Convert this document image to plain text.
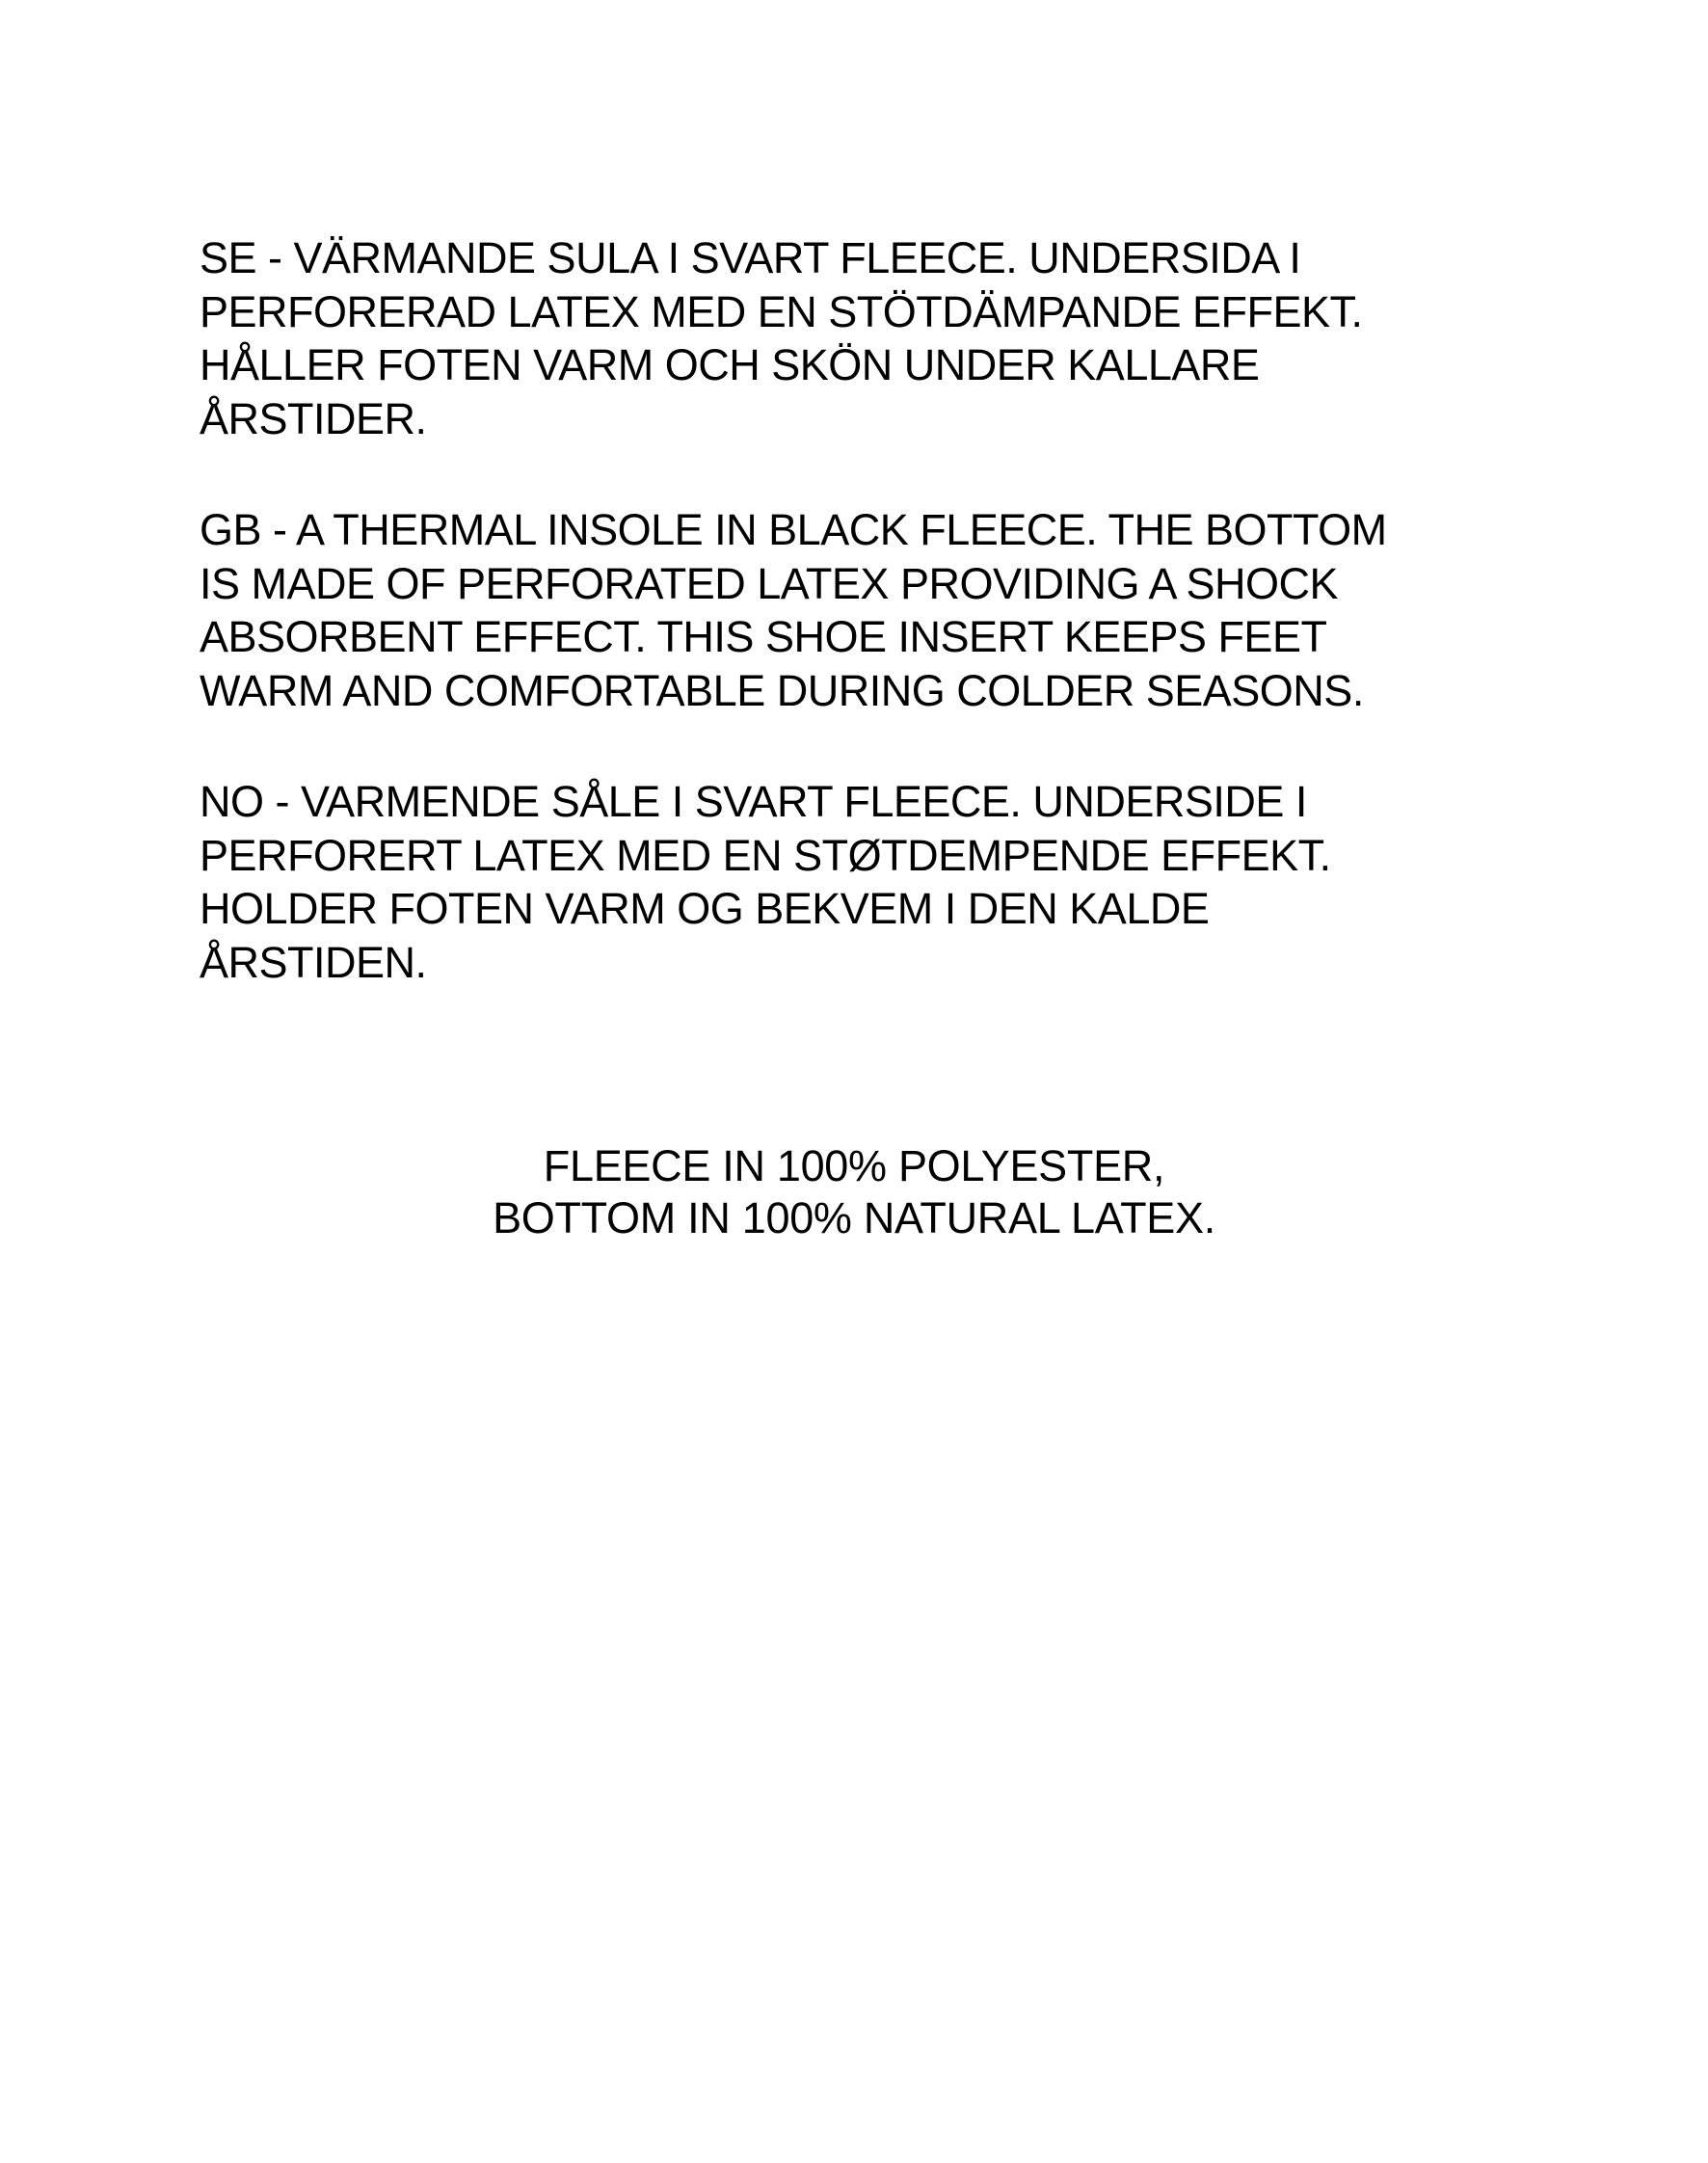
SE - VÄRMANDE SULA I SVART FLEECE. UNDERSIDA I
PERFORERAD LATEX MED EN STÖTDÄMPANDE EFFEKT.
HÅLLER FOTEN VARM OCH SKÖN UNDER KALLARE
ÅRSTIDER.
GB - A THERMAL INSOLE IN BLACK FLEECE. THE BOTTOM
IS MADE OF PERFORATED LATEX PROVIDING A SHOCK
ABSORBENT EFFECT. THIS SHOE INSERT KEEPS FEET
WARM AND COMFORTABLE DURING COLDER SEASONS.
NO - VARMENDE SÅLE I SVART FLEECE. UNDERSIDE I
PERFORERT LATEX MED EN STØTDEMPENDE EFFEKT.
HOLDER FOTEN VARM OG BEKVEM I DEN KALDE
ÅRSTIDEN.
FLEECE IN 100% POLYESTER,
BOTTOM IN 100% NATURAL LATEX.
